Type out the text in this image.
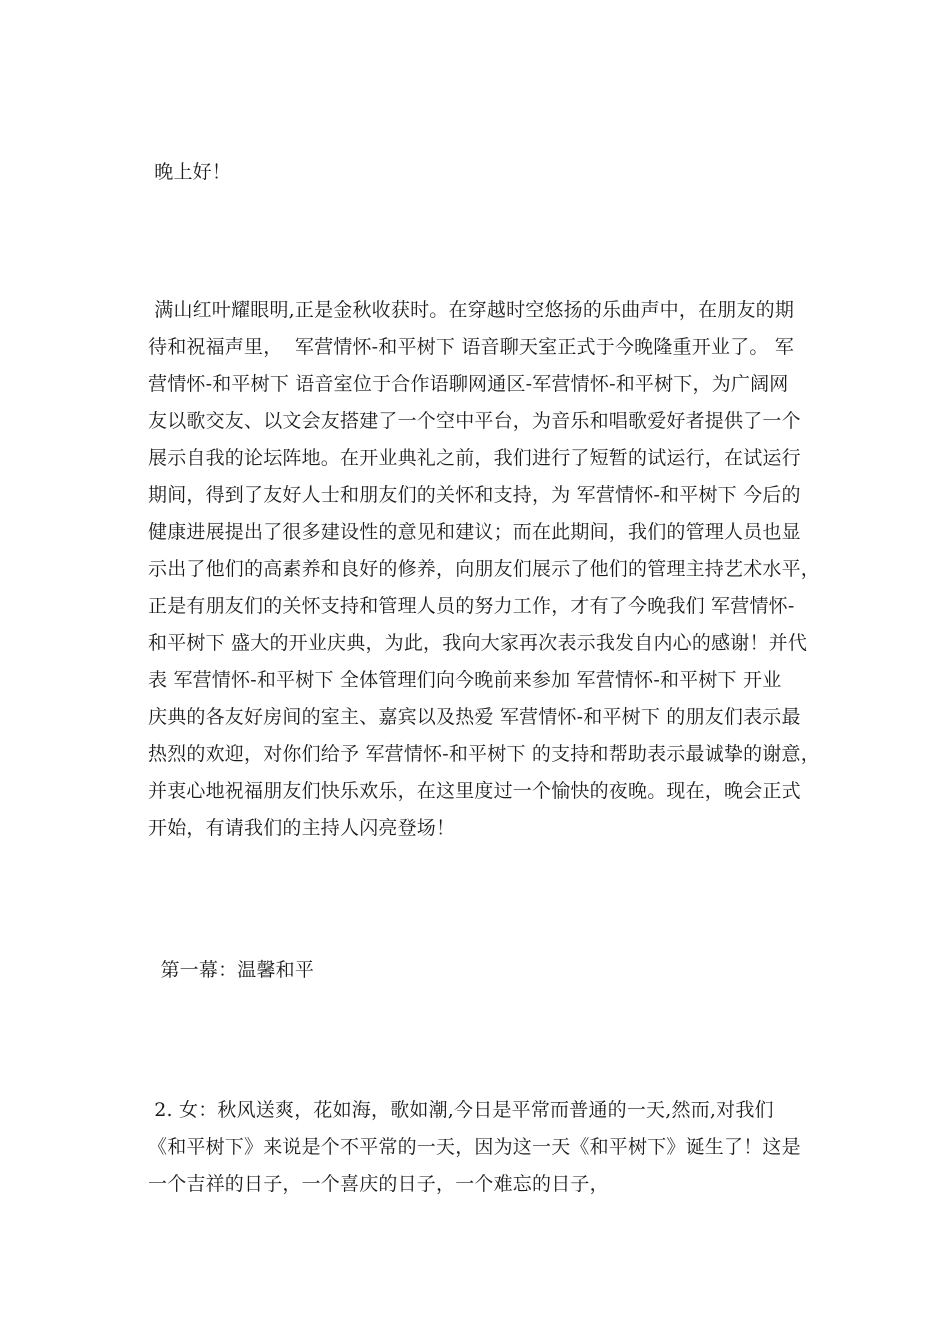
晚上好！
满山红叶耀眼明,正是金秋收获时。在穿越时空悠扬的乐曲声中，在朋友的期
待和祝福声里，  军营情怀-和平树下 语音聊天室正式于今晚隆重开业了。 军
营情怀-和平树下 语音室位于合作语聊网通区-军营情怀-和平树下，为广阔网
友以歌交友、以文会友搭建了一个空中平台，为音乐和唱歌爱好者提供了一个
展示自我的论坛阵地。在开业典礼之前，我们进行了短暂的试运行，在试运行
期间，得到了友好人士和朋友们的关怀和支持，为 军营情怀-和平树下 今后的
健康进展提出了很多建设性的意见和建议；而在此期间，我们的管理人员也显
示出了他们的高素养和良好的修养，向朋友们展示了他们的管理主持艺术水平，
正是有朋友们的关怀支持和管理人员的努力工作，才有了今晚我们 军营情怀-
和平树下 盛大的开业庆典，为此，我向大家再次表示我发自内心的感谢！并代
表 军营情怀-和平树下 全体管理们向今晚前来参加 军营情怀-和平树下 开业
庆典的各友好房间的室主、嘉宾以及热爱 军营情怀-和平树下 的朋友们表示最
热烈的欢迎，对你们给予 军营情怀-和平树下 的支持和帮助表示最诚挚的谢意，
并衷心地祝福朋友们快乐欢乐，在这里度过一个愉快的夜晚。现在，晚会正式
开始，有请我们的主持人闪亮登场！
第一幕：温馨和平
2. 女：秋风送爽，花如海，歌如潮,今日是平常而普通的一天,然而,对我们
《和平树下》来说是个不平常的一天，因为这一天《和平树下》诞生了！这是
一个吉祥的日子，一个喜庆的日子，一个难忘的日子，
